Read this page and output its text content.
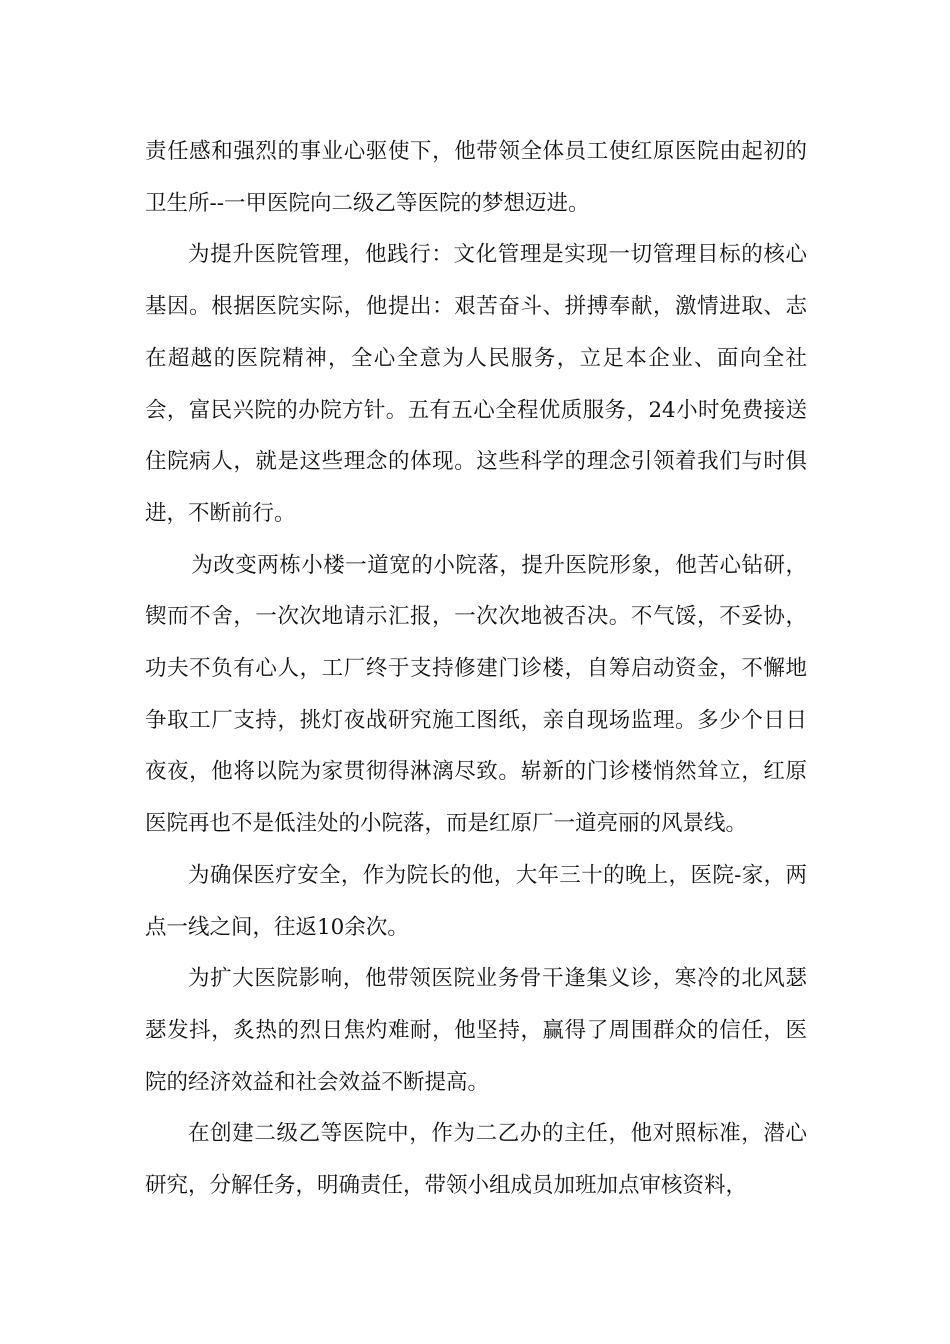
责任感和强烈的事业心驱使下，他带领全体员工使红原医院由起初的卫生所--一甲医院向二级乙等医院的梦想迈进。

为提升医院管理，他践行：文化管理是实现一切管理目标的核心基因。根据医院实际，他提出：艰苦奋斗、拼搏奉献，激情进取、志在超越的医院精神，全心全意为人民服务，立足本企业、面向全社会，富民兴院的办院方针。五有五心全程优质服务，24小时免费接送住院病人，就是这些理念的体现。这些科学的理念引领着我们与时俱进，不断前行。

为改变两栋小楼一道宽的小院落，提升医院形象，他苦心钻研，锲而不舍，一次次地请示汇报，一次次地被否决。不气馁，不妥协，功夫不负有心人，工厂终于支持修建门诊楼，自筹启动资金，不懈地争取工厂支持，挑灯夜战研究施工图纸，亲自现场监理。多少个日日夜夜，他将以院为家贯彻得淋漓尽致。崭新的门诊楼悄然耸立，红原医院再也不是低洼处的小院落，而是红原厂一道亮丽的风景线。

为确保医疗安全，作为院长的他，大年三十的晚上，医院-家，两点一线之间，往返10余次。

为扩大医院影响，他带领医院业务骨干逢集义诊，寒冷的北风瑟瑟发抖，炙热的烈日焦灼难耐，他坚持，赢得了周围群众的信任，医院的经济效益和社会效益不断提高。

在创建二级乙等医院中，作为二乙办的主任，他对照标准，潜心研究，分解任务，明确责任，带领小组成员加班加点审核资料，
